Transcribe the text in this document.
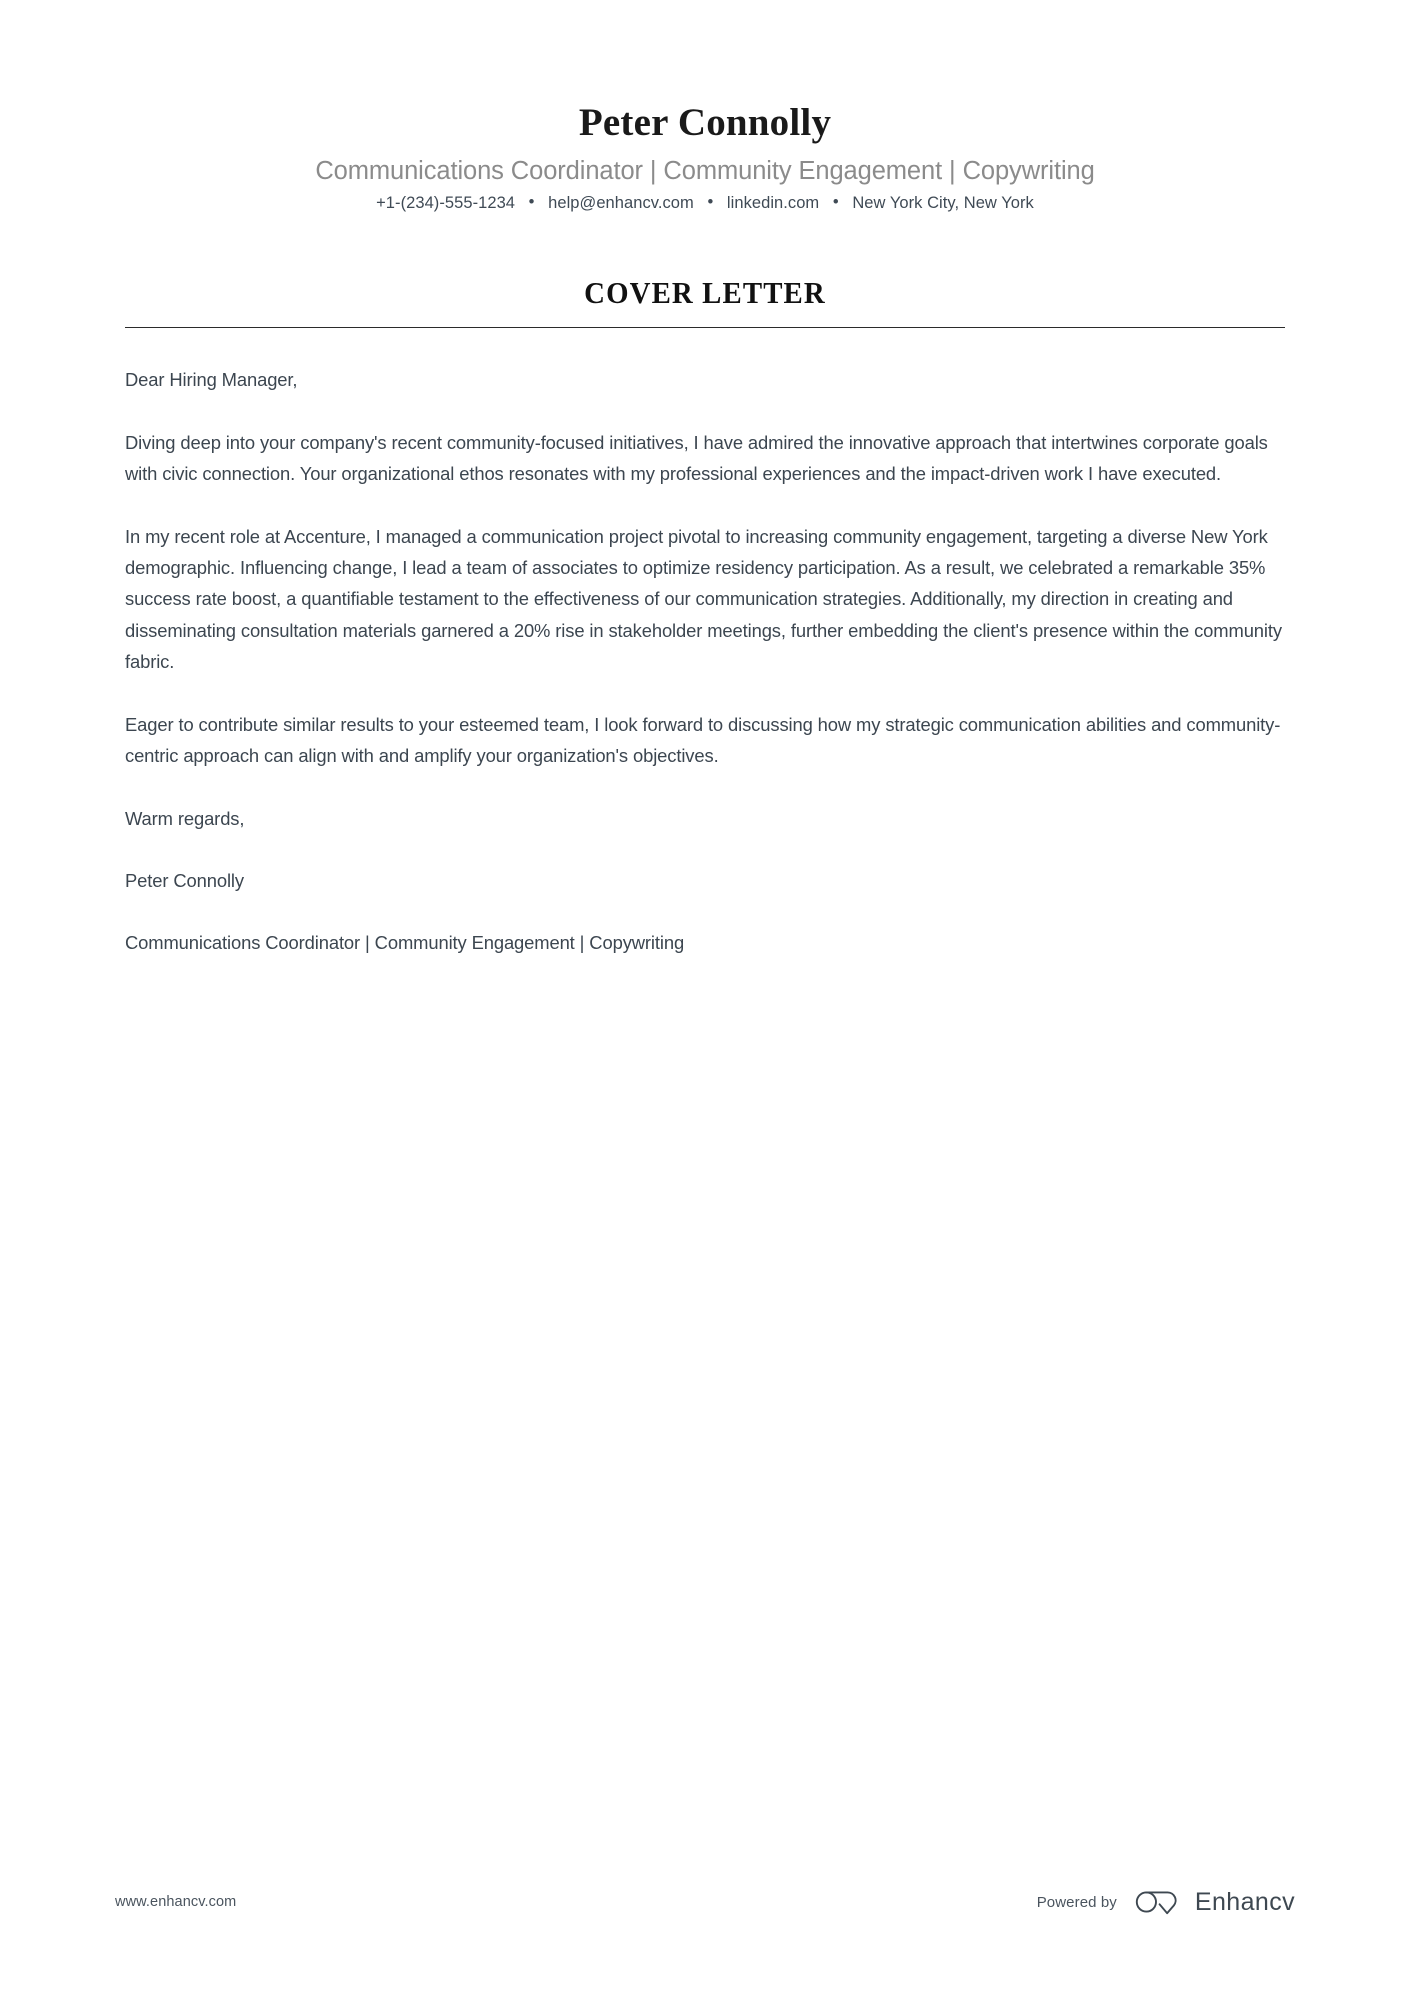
Peter Connolly
Communications Coordinator | Community Engagement | Copywriting
+1-(234)-555-1234 • help@enhancv.com • linkedin.com • New York City, New York
COVER LETTER

Dear Hiring Manager,

Diving deep into your company's recent community-focused initiatives, I have admired the innovative approach that intertwines corporate goals with civic connection. Your organizational ethos resonates with my professional experiences and the impact-driven work I have executed.

In my recent role at Accenture, I managed a communication project pivotal to increasing community engagement, targeting a diverse New York demographic. Influencing change, I lead a team of associates to optimize residency participation. As a result, we celebrated a remarkable 35% success rate boost, a quantifiable testament to the effectiveness of our communication strategies. Additionally, my direction in creating and disseminating consultation materials garnered a 20% rise in stakeholder meetings, further embedding the client's presence within the community fabric.

Eager to contribute similar results to your esteemed team, I look forward to discussing how my strategic communication abilities and community-centric approach can align with and amplify your organization's objectives.

Warm regards,

Peter Connolly

Communications Coordinator | Community Engagement | Copywriting

www.enhancv.com	Powered by	Enhancv
